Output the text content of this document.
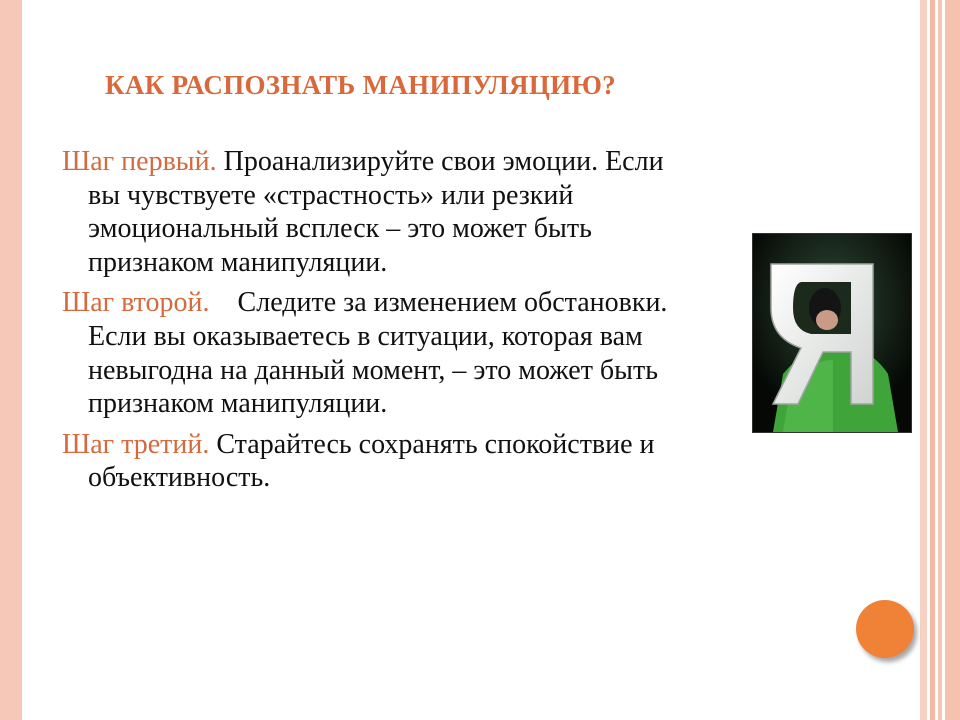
КАК РАСПОЗНАТЬ МАНИПУЛЯЦИЮ?
Шаг первый. Проанализируйте свои эмоции. Если  вы чувствуете «страстность» или резкий эмоциональный всплеск – это может быть признаком манипуляции.
Шаг второй.    Следите за изменением обстановки. Если вы оказываетесь в ситуации, которая вам невыгодна на данный момент, – это может быть признаком манипуляции.
Шаг третий. Старайтесь сохранять спокойствие и объективность.
